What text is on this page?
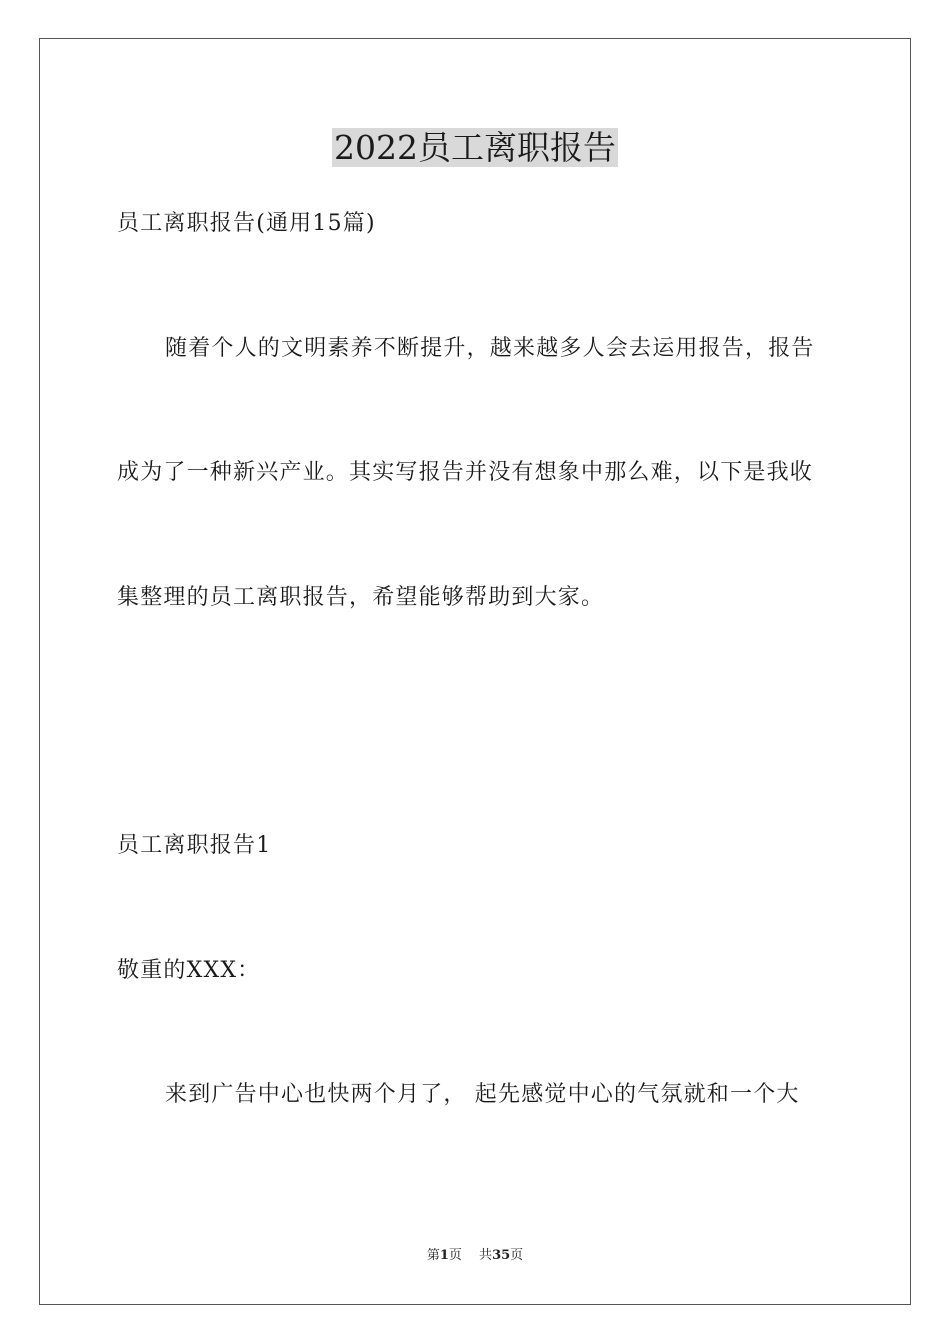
2022员工离职报告
员工离职报告(通用15篇)
随着个人的文明素养不断提升，越来越多人会去运用报告，报告
成为了一种新兴产业。其实写报告并没有想象中那么难，以下是我收
集整理的员工离职报告，希望能够帮助到大家。
员工离职报告1
敬重的XXX：
来到广告中心也快两个月了， 起先感觉中心的气氛就和一个大
第1页   共35页
